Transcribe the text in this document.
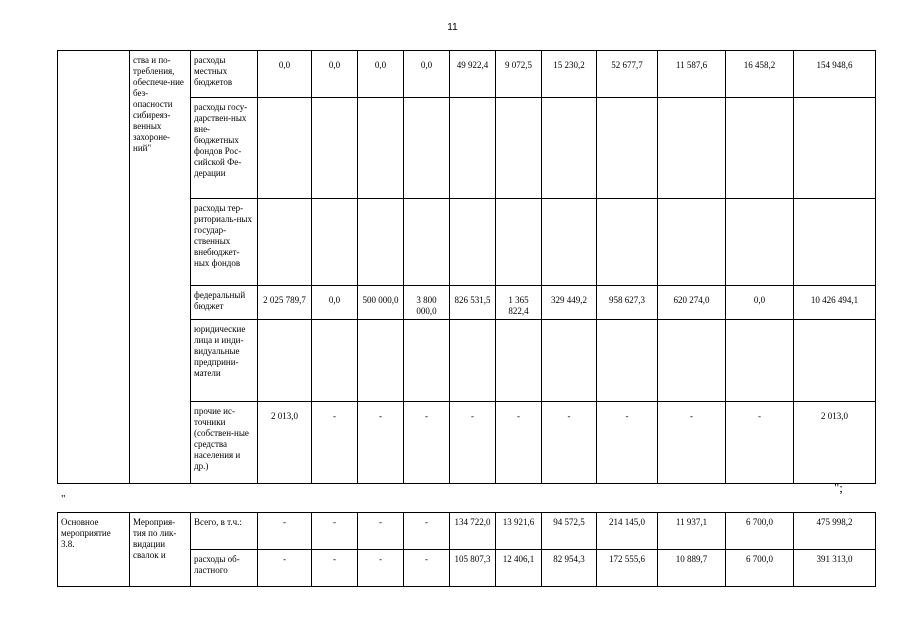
11
	ства и по-требления, обеспече-ние без-опасности сибиреяз-венных захороне-ний"	расходы местных бюджетов	0,0	0,0	0,0	0,0	49 922,4	9 072,5	15 230,2	52 677,7	11 587,6	16 458,2	154 948,6
		расходы госу-дарствен-ных вне-бюджетных фондов Рос-сийской Фе-дерации											
		расходы тер-риториаль-ных государ-ственных внебюджет-ных фондов											
		федеральный бюджет	2 025 789,7	0,0	500 000,0	3 800 000,0	826 531,5	1 365 822,4	329 449,2	958 627,3	620 274,0	0,0	10 426 494,1
		юридические лица и инди-видуальные предприни-матели											
		прочие ис-точники (собствен-ные средства населения и др.)	2 013,0	-	-	-	-	-	-	-	-	-	2 013,0
";
"
Основное мероприятие 3.8.	Мероприя-тия по лик-видации свалок и	Всего, в т.ч.:	-	-	-	-	134 722,0	13 921,6	94 572,5	214 145,0	11 937,1	6 700,0	475 998,2
		расходы об-ластного	-	-	-	-	105 807,3	12 406,1	82 954,3	172 555,6	10 889,7	6 700,0	391 313,0
